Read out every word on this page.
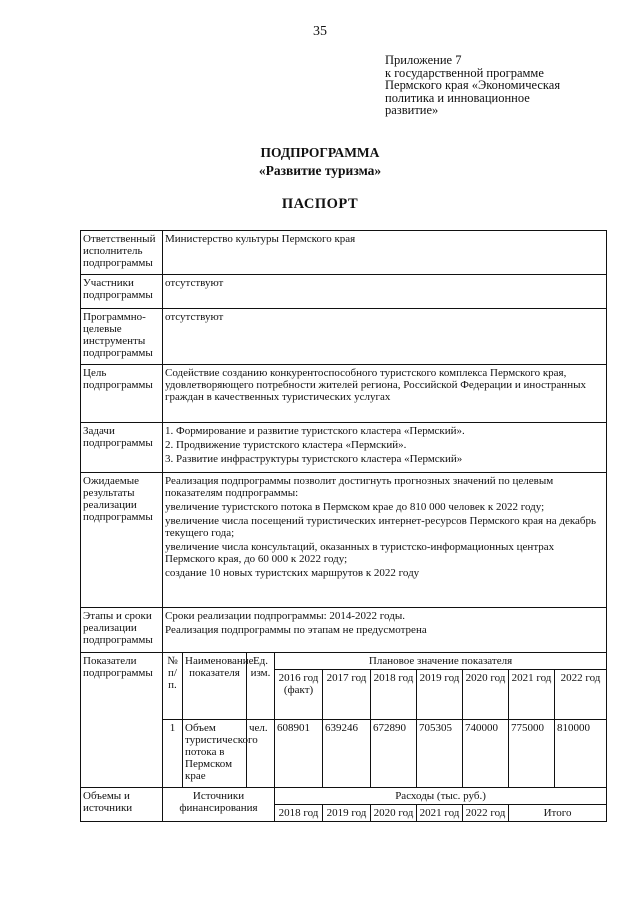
35
Приложение 7
к государственной программе
Пермского края «Экономическая
политика и инновационное
развитие»
ПОДПРОГРАММА
«Развитие туризма»
ПАСПОРТ
Ответственный исполнитель подпрограммы	Министерство культуры Пермского края									
Участники подпрограммы	отсутствуют									
Программно-целевые инструменты подпрограммы	отсутствуют									
Цель подпрограммы	Содействие созданию конкурентоспособного туристского комплекса Пермского края, удовлетворяющего потребности жителей региона, Российской Федерации и иностранных граждан в качественных туристических услугах									
Задачи подпрограммы	1. Формирование и развитие туристского кластера «Пермский».

2. Продвижение туристского кластера «Пермский».

3. Развитие инфраструктуры туристского кластера «Пермский»									

Ожидаемые результаты реализации подпрограммы	Реализация подпрограммы позволит достигнуть прогнозных значений по целевым показателям подпрограммы:

увеличение туристского потока в Пермском крае до 810 000 человек к 2022 году;

увеличение числа посещений туристических интернет-ресурсов Пермского края на декабрь текущего года;

увеличение числа консультаций, оказанных в туристско-информационных центрах Пермского края, до 60 000 к 2022 году;

создание 10 новых туристских маршрутов к 2022 году									

Этапы и сроки реализации подпрограммы	Сроки реализации подпрограммы: 2014-2022 годы.

Реализация подпрограммы по этапам не предусмотрена									

Показатели подпрограммы	№ п/п.	Наименование показателя	Ед. изм.	Плановое значение показателя						
				2016 год (факт)	2017 год	2018 год	2019 год	2020 год	2021 год	2022 год
	1	Объем туристического потока в Пермском крае	чел.	608901	639246	672890	705305	740000	775000	810000
Объемы и источники	Источники финансирования			Расходы (тыс. руб.)						
				2018 год	2019 год	2020 год	2021 год	2022 год	Итого	
